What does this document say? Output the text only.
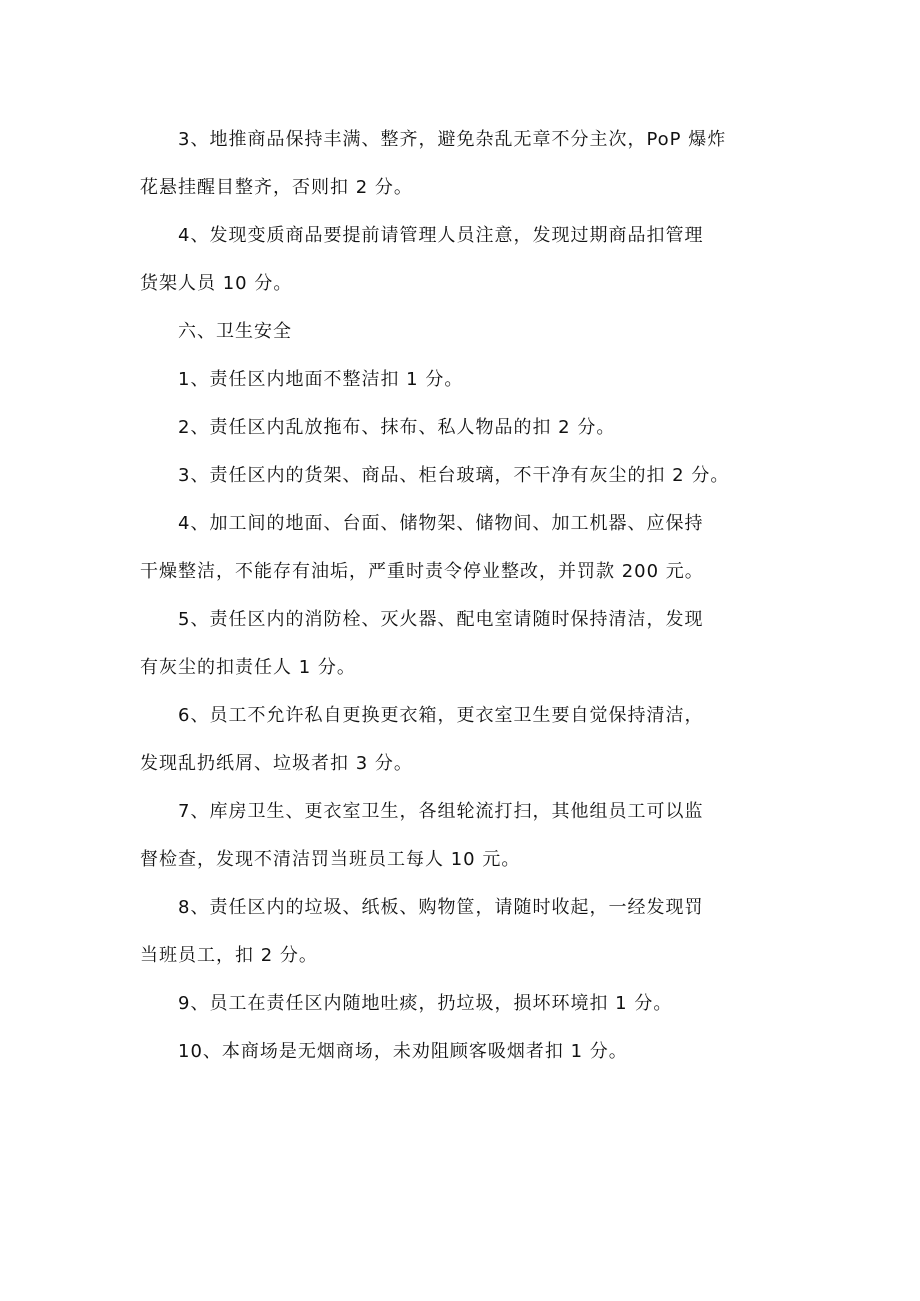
3、地推商品保持丰满、整齐，避免杂乱无章不分主次，PoP 爆炸
花悬挂醒目整齐，否则扣 2 分。

4、发现变质商品要提前请管理人员注意，发现过期商品扣管理
货架人员 10 分。

六、卫生安全

1、责任区内地面不整洁扣 1 分。

2、责任区内乱放拖布、抹布、私人物品的扣 2 分。

3、责任区内的货架、商品、柜台玻璃，不干净有灰尘的扣 2 分。

4、加工间的地面、台面、储物架、储物间、加工机器、应保持
干燥整洁，不能存有油垢，严重时责令停业整改，并罚款 200 元。

5、责任区内的消防栓、灭火器、配电室请随时保持清洁，发现
有灰尘的扣责任人 1 分。

6、员工不允许私自更换更衣箱，更衣室卫生要自觉保持清洁，
发现乱扔纸屑、垃圾者扣 3 分。

7、库房卫生、更衣室卫生，各组轮流打扫，其他组员工可以监
督检查，发现不清洁罚当班员工每人 10 元。

8、责任区内的垃圾、纸板、购物筐，请随时收起，一经发现罚
当班员工，扣 2 分。

9、员工在责任区内随地吐痰，扔垃圾，损坏环境扣 1 分。

10、本商场是无烟商场，未劝阻顾客吸烟者扣 1 分。
